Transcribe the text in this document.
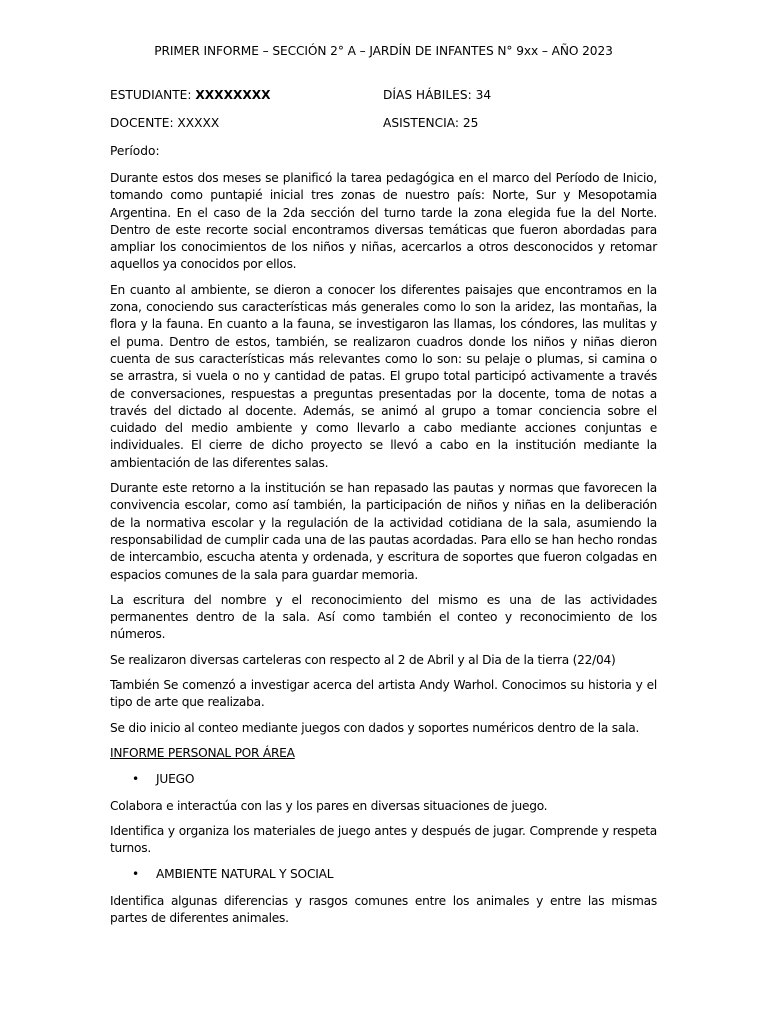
PRIMER INFORME – SECCIÓN 2° A – JARDÍN DE INFANTES N° 9xx – AÑO 2023
ESTUDIANTE: XXXXXXXX	DÍAS HÁBILES: 34
DOCENTE: XXXXX	ASISTENCIA: 25
Período:

Durante estos dos meses se planificó la tarea pedagógica en el marco del Período de Inicio, tomando como puntapié inicial tres zonas de nuestro país: Norte, Sur y Mesopotamia Argentina. En el caso de la 2da sección del turno tarde la zona elegida fue la del Norte. Dentro de este recorte social encontramos diversas temáticas que fueron abordadas para ampliar los conocimientos de los niños y niñas, acercarlos a otros desconocidos y retomar aquellos ya conocidos por ellos.

En cuanto al ambiente, se dieron a conocer los diferentes paisajes que encontramos en la zona, conociendo sus características más generales como lo son la aridez, las montañas, la flora y la fauna. En cuanto a la fauna, se investigaron las llamas, los cóndores, las mulitas y el puma. Dentro de estos, también, se realizaron cuadros donde los niños y niñas dieron cuenta de sus características más relevantes como lo son: su pelaje o plumas, si camina o se arrastra, si vuela o no y cantidad de patas. El grupo total participó activamente a través de conversaciones, respuestas a preguntas presentadas por la docente, toma de notas a través del dictado al docente. Además, se animó al grupo a tomar conciencia sobre el cuidado del medio ambiente y como llevarlo a cabo mediante acciones conjuntas e individuales. El cierre de dicho proyecto se llevó a cabo en la institución mediante la ambientación de las diferentes salas.

Durante este retorno a la institución se han repasado las pautas y normas que favorecen la convivencia escolar, como así también, la participación de niños y niñas en la deliberación de la normativa escolar y la regulación de la actividad cotidiana de la sala, asumiendo la responsabilidad de cumplir cada una de las pautas acordadas. Para ello se han hecho rondas de intercambio, escucha atenta y ordenada, y escritura de soportes que fueron colgadas en espacios comunes de la sala para guardar memoria.

La escritura del nombre y el reconocimiento del mismo es una de las actividades permanentes dentro de la sala. Así como también el conteo y reconocimiento de los números.

Se realizaron diversas carteleras con respecto al 2 de Abril y al Dia de la tierra (22/04)

También Se comenzó a investigar acerca del artista Andy Warhol. Conocimos su historia y el tipo de arte que realizaba.

Se dio inicio al conteo mediante juegos con dados y soportes numéricos dentro de la sala.

INFORME PERSONAL POR ÁREA
• JUEGO

Colabora e interactúa con las y los pares en diversas situaciones de juego.

Identifica y organiza los materiales de juego antes y después de jugar. Comprende y respeta turnos.

• AMBIENTE NATURAL Y SOCIAL

Identifica algunas diferencias y rasgos comunes entre los animales y entre las mismas partes de diferentes animales.
